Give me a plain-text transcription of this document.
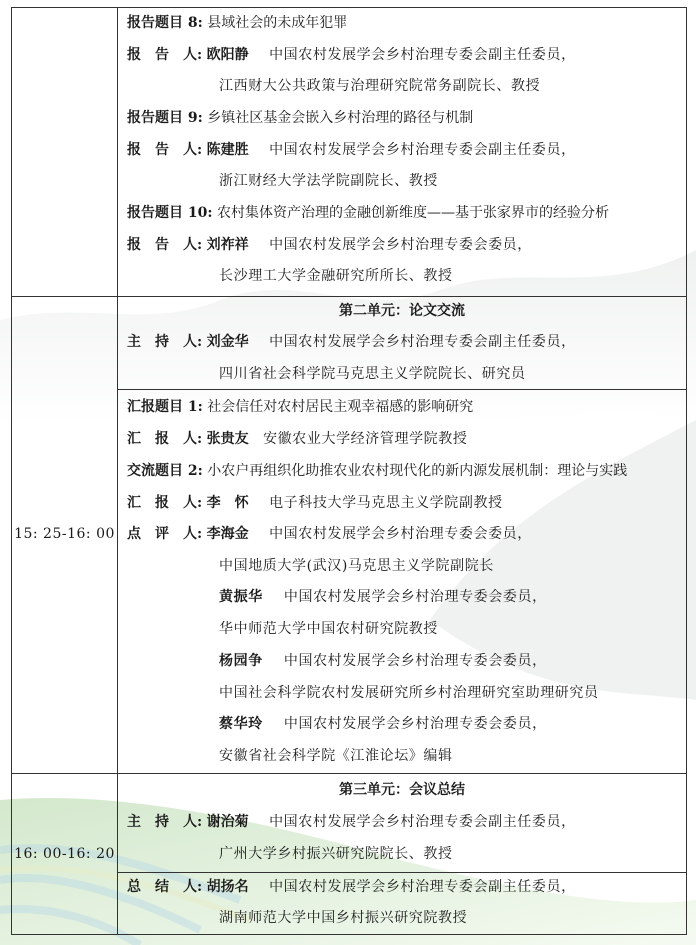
报告题目 8: 县域社会的未成年犯罪
报　告　人: 欧阳静 中国农村发展学会乡村治理专委会副主任委员，
江西财大公共政策与治理研究院常务副院长、教授
报告题目 9: 乡镇社区基金会嵌入乡村治理的路径与机制
报　告　人: 陈建胜 中国农村发展学会乡村治理专委会副主任委员，
浙江财经大学法学院副院长、教授
报告题目 10: 农村集体资产治理的金融创新维度——基于张家界市的经验分析
报　告　人: 刘祚祥 中国农村发展学会乡村治理专委会委员，
长沙理工大学金融研究所所长、教授
15: 25-16: 00
第二单元：论文交流
主　持　人: 刘金华 中国农村发展学会乡村治理专委会副主任委员，
四川省社会科学院马克思主义学院院长、研究员
汇报题目 1: 社会信任对农村居民主观幸福感的影响研究
汇　报　人: 张贵友 安徽农业大学经济管理学院教授
交流题目 2: 小农户再组织化助推农业农村现代化的新内源发展机制：理论与实践
汇　报　人: 李　怀 电子科技大学马克思主义学院副教授
点　评　人: 李海金 中国农村发展学会乡村治理专委会委员，
中国地质大学(武汉)马克思主义学院副院长
黄振华 中国农村发展学会乡村治理专委会委员，
华中师范大学中国农村研究院教授
杨园争 中国农村发展学会乡村治理专委会委员，
中国社会科学院农村发展研究所乡村治理研究室助理研究员
蔡华玲 中国农村发展学会乡村治理专委会委员，
安徽省社会科学院《江淮论坛》编辑
16: 00-16: 20
第三单元：会议总结
主　持　人: 谢治菊 中国农村发展学会乡村治理专委会副主任委员，
广州大学乡村振兴研究院院长、教授
总　结　人: 胡扬名 中国农村发展学会乡村治理专委会副主任委员，
湖南师范大学中国乡村振兴研究院教授
